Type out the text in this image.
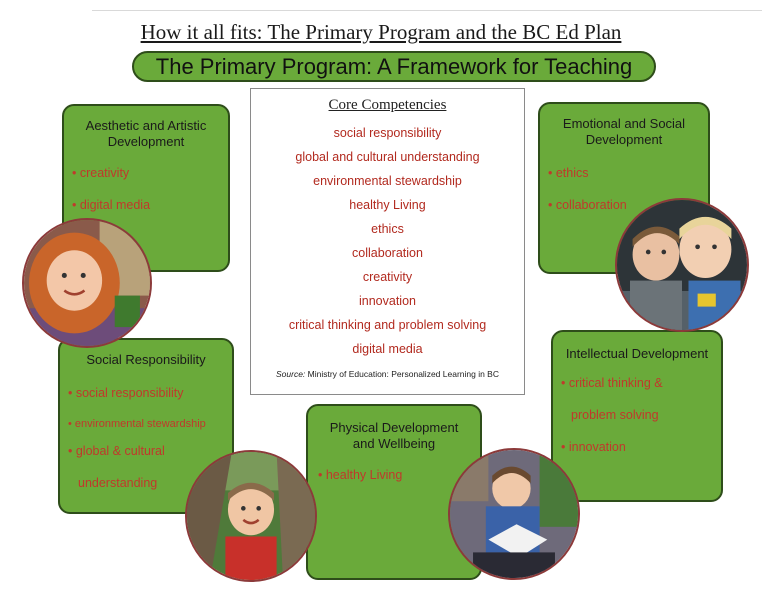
How it all fits: The Primary Program and the BC Ed Plan
The Primary Program: A Framework for Teaching
Aesthetic and Artistic Development
• creativity
• digital media
Emotional and Social Development
• ethics
• collaboration
Social Responsibility
• social responsibility
• environmental stewardship
• global & cultural
understanding
Physical Development and Wellbeing
• healthy Living
Intellectual Development
• critical thinking &
problem solving
• innovation
Core Competencies
social responsibility
global and cultural understanding
environmental stewardship
healthy Living
ethics
collaboration
creativity
innovation
critical thinking and problem solving
digital media
Source: Ministry of Education: Personalized Learning in BC
